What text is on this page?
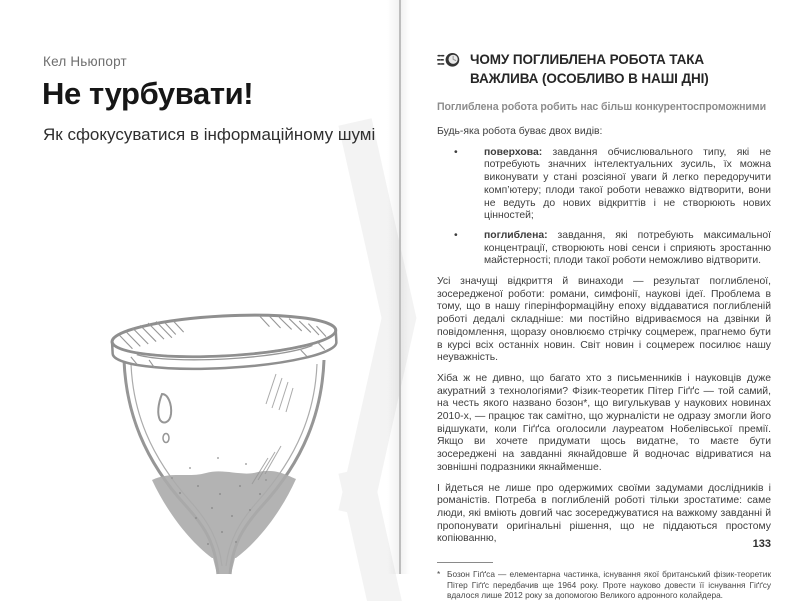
Кел Ньюпорт
Не турбувати!
Як сфокусуватися в інформаційному шумі
ЧОМУ ПОГЛИБЛЕНА РОБОТА ТАКА ВАЖЛИВА (ОСОБЛИВО В НАШІ ДНІ)
Поглиблена робота робить нас більш конкурентоспроможними

Будь-яка робота буває двох видів:

•
поверхова: завдання обчислювального типу, які не потребують значних інтелектуальних зусиль, їх можна виконувати у стані розсіяної уваги й легко передоручити комп’ютеру; плоди такої роботи неважко відтворити, вони не ведуть до нових відкриттів і не створюють нових цінностей;
•
поглиблена: завдання, які потребують максимальної концентрації, створюють нові сенси і сприяють зростанню майстерності; плоди такої роботи неможливо відтворити.

Усі значущі відкриття й винаходи — результат поглибленої, зосередженої роботи: романи, симфонії, наукові ідеї. Проблема в тому, що в нашу гіперінформаційну епоху віддаватися поглибленій роботі дедалі складніше: ми постійно відриваємося на дзвінки й повідомлення, щоразу оновлюємо стрічку соцмереж, прагнемо бути в курсі всіх останніх новин. Світ новин і соцмереж посилює нашу неуважність.

Хіба ж не дивно, що багато хто з письменників і науковців дуже акуратний з технологіями? Фізик-теоретик Пітер Гіґґс — той самий, на честь якого названо бозон*, що вигулькував у наукових новинах 2010-х, — працює так самітно, що журналісти не одразу змогли його відшукати, коли Гіґґса оголосили лауреатом Нобелівської премії. Якщо ви хочете придумати щось видатне, то маєте бути зосереджені на завданні якнайдовше й водночас відриватися на зовнішні подразники якнайменше.

І йдеться не лише про одержимих своїми задумами дослідників і романістів. Потреба в поглибленій роботі тільки зростатиме: саме люди, які вміють довгий час зосереджуватися на важкому завданні й пропонувати оригінальні рішення, що не піддаються простому копіюванню,

* Бозон Гіґґса — елементарна частинка, існування якої британський фізик-теоретик Пітер Гіґґс передбачив ще 1964 року. Проте науково довести її існування Гіґґсу вдалося лише 2012 року за допомогою Великого адронного колайдера.
133
